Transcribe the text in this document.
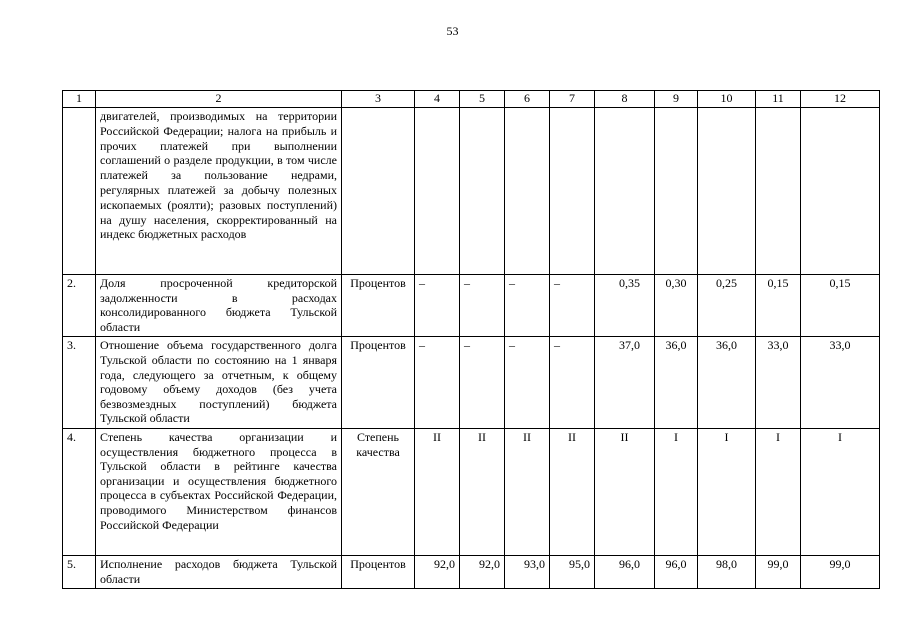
53
1	2	3	4	5	6	7	8	9	10	11	12
	двигателей, производимых на территории Российской Федерации; налога на прибыль и прочих платежей при выполнении соглашений о разделе продукции, в том числе платежей за пользование недрами, регулярных платежей за добычу полезных ископаемых (роялти); разовых поступлений) на душу населения, скорректированный на индекс бюджетных расходов										
2.	Доля просроченной кредиторской задолженности в расходах консолидированного бюджета Тульской области	Процентов	–	–	–	–	0,35	0,30	0,25	0,15	0,15
3.	Отношение объема государственного долга Тульской области по состоянию на 1 января года, следующего за отчетным, к общему годовому объему доходов (без учета безвозмездных поступлений) бюджета Тульской области	Процентов	–	–	–	–	37,0	36,0	36,0	33,0	33,0
4.	Степень качества организации и осуществления бюджетного процесса в Тульской области в рейтинге качества организации и осуществления бюджетного процесса в субъектах Российской Федерации, проводимого Министерством финансов Российской Федерации	Степень качества	II	II	II	II	II	I	I	I	I
5.	Исполнение расходов бюджета Тульской области	Процентов	92,0	92,0	93,0	95,0	96,0	96,0	98,0	99,0	99,0
